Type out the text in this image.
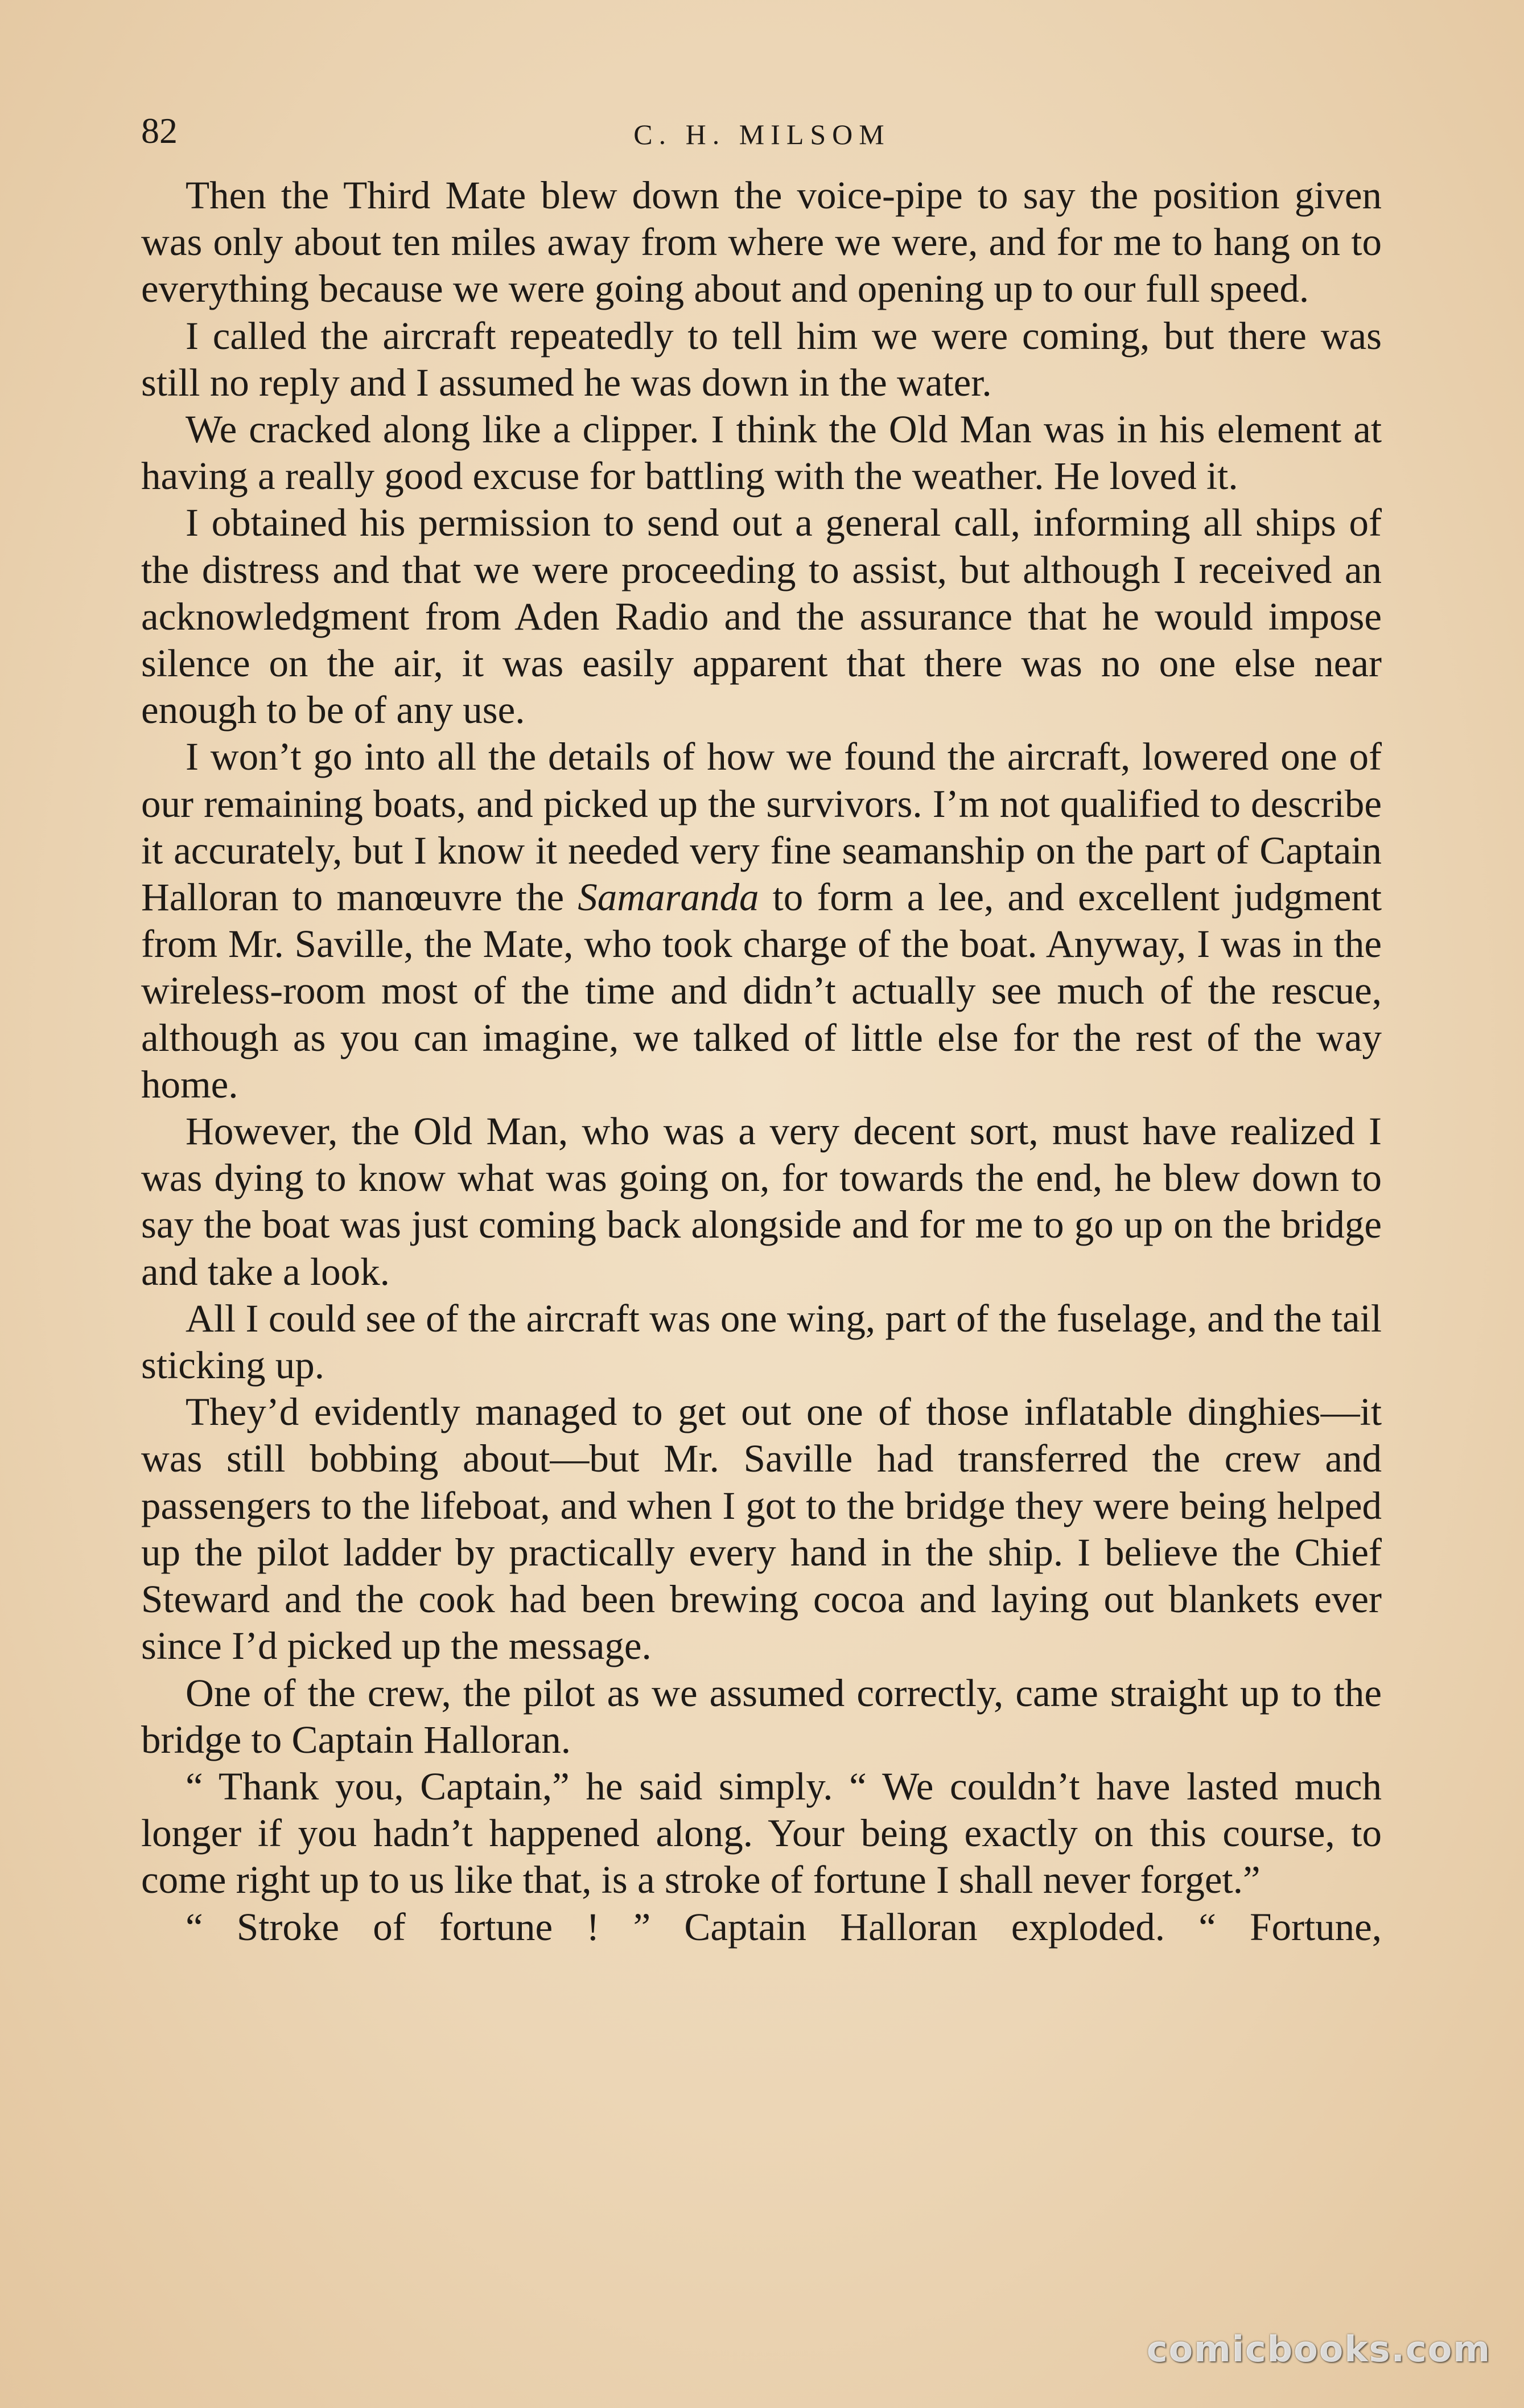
82	C. H. MILSOM

Then the Third Mate blew down the voice-pipe to say the position given was only about ten miles away from where we were, and for me to hang on to everything because we were going about and opening up to our full speed.

I called the aircraft repeatedly to tell him we were coming, but there was still no reply and I assumed he was down in the water.

We cracked along like a clipper. I think the Old Man was in his element at having a really good excuse for battling with the weather. He loved it.

I obtained his permission to send out a general call, informing all ships of the distress and that we were proceeding to assist, but although I received an acknowledgment from Aden Radio and the assurance that he would impose silence on the air, it was easily apparent that there was no one else near enough to be of any use.

I won’t go into all the details of how we found the aircraft, lowered one of our remaining boats, and picked up the survivors. I’m not qualified to describe it accurately, but I know it needed very fine seamanship on the part of Captain Halloran to manœuvre the Samaranda to form a lee, and excellent judgment from Mr. Saville, the Mate, who took charge of the boat. Anyway, I was in the wireless-room most of the time and didn’t actually see much of the rescue, although as you can imagine, we talked of little else for the rest of the way home.

However, the Old Man, who was a very decent sort, must have realized I was dying to know what was going on, for towards the end, he blew down to say the boat was just coming back alongside and for me to go up on the bridge and take a look.

All I could see of the aircraft was one wing, part of the fuselage, and the tail sticking up.

They’d evidently managed to get out one of those inflatable dinghies—it was still bobbing about—but Mr. Saville had transferred the crew and passengers to the lifeboat, and when I got to the bridge they were being helped up the pilot ladder by practically every hand in the ship. I believe the Chief Steward and the cook had been brewing cocoa and laying out blankets ever since I’d picked up the message.

One of the crew, the pilot as we assumed correctly, came straight up to the bridge to Captain Halloran.

“ Thank you, Captain,” he said simply. “ We couldn’t have lasted much longer if you hadn’t happened along. Your being exactly on this course, to come right up to us like that, is a stroke of fortune I shall never forget.”

“ Stroke of fortune ! ” Captain Halloran exploded. “ Fortune,

comicbooks.com
